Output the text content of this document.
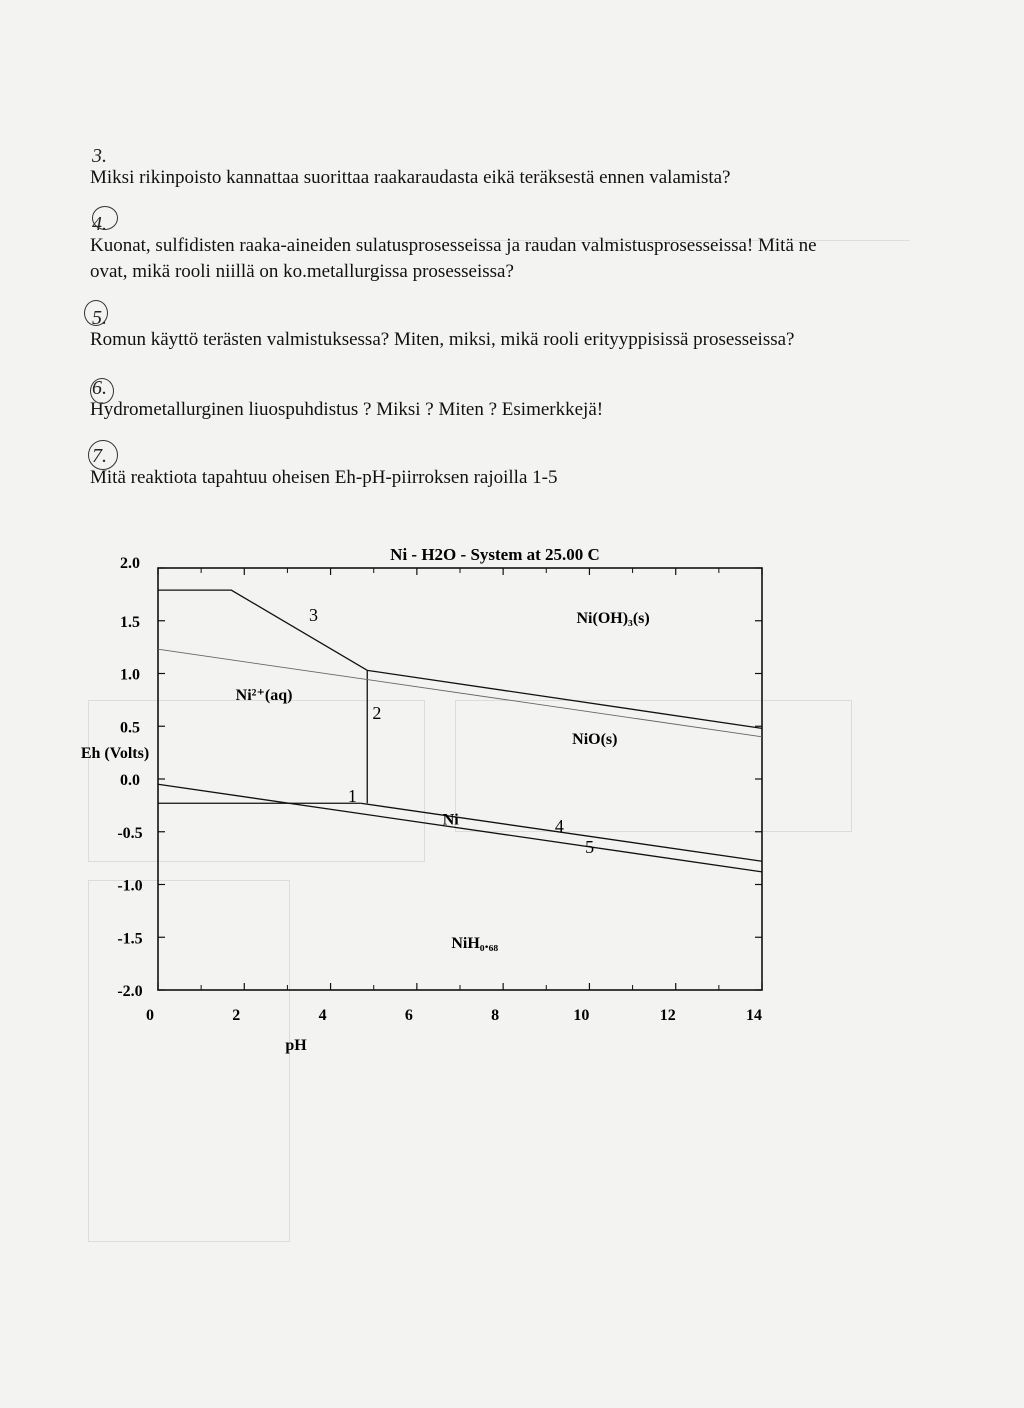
3.
Miksi rikinpoisto kannattaa suorittaa raakaraudasta eikä teräksestä ennen valamista?
4.
Kuonat, sulfidisten raaka-aineiden sulatusprosesseissa ja raudan valmistusprosesseissa! Mitä ne
ovat, mikä rooli niillä on ko.metallurgissa prosesseissa?
5.
Romun käyttö terästen valmistuksessa? Miten, miksi, mikä rooli erityyppisissä prosesseissa?
6.
Hydrometallurginen liuospuhdistus ? Miksi ? Miten ? Esimerkkejä!
7.
Mitä reaktiota tapahtuu oheisen Eh-pH-piirroksen rajoilla 1-5
Ni - H2O - System at 25.00 C
2.0
1.5
1.0
0.5
0.0
-0.5
-1.0
-1.5
-2.0
0	2	4	6	8	10	12	14
Eh (Volts)
pH
Ni²⁺(aq)
Ni(OH)₃(s)
NiO(s)
Ni
NiH₀.₆₈
1
2
3
4
5
